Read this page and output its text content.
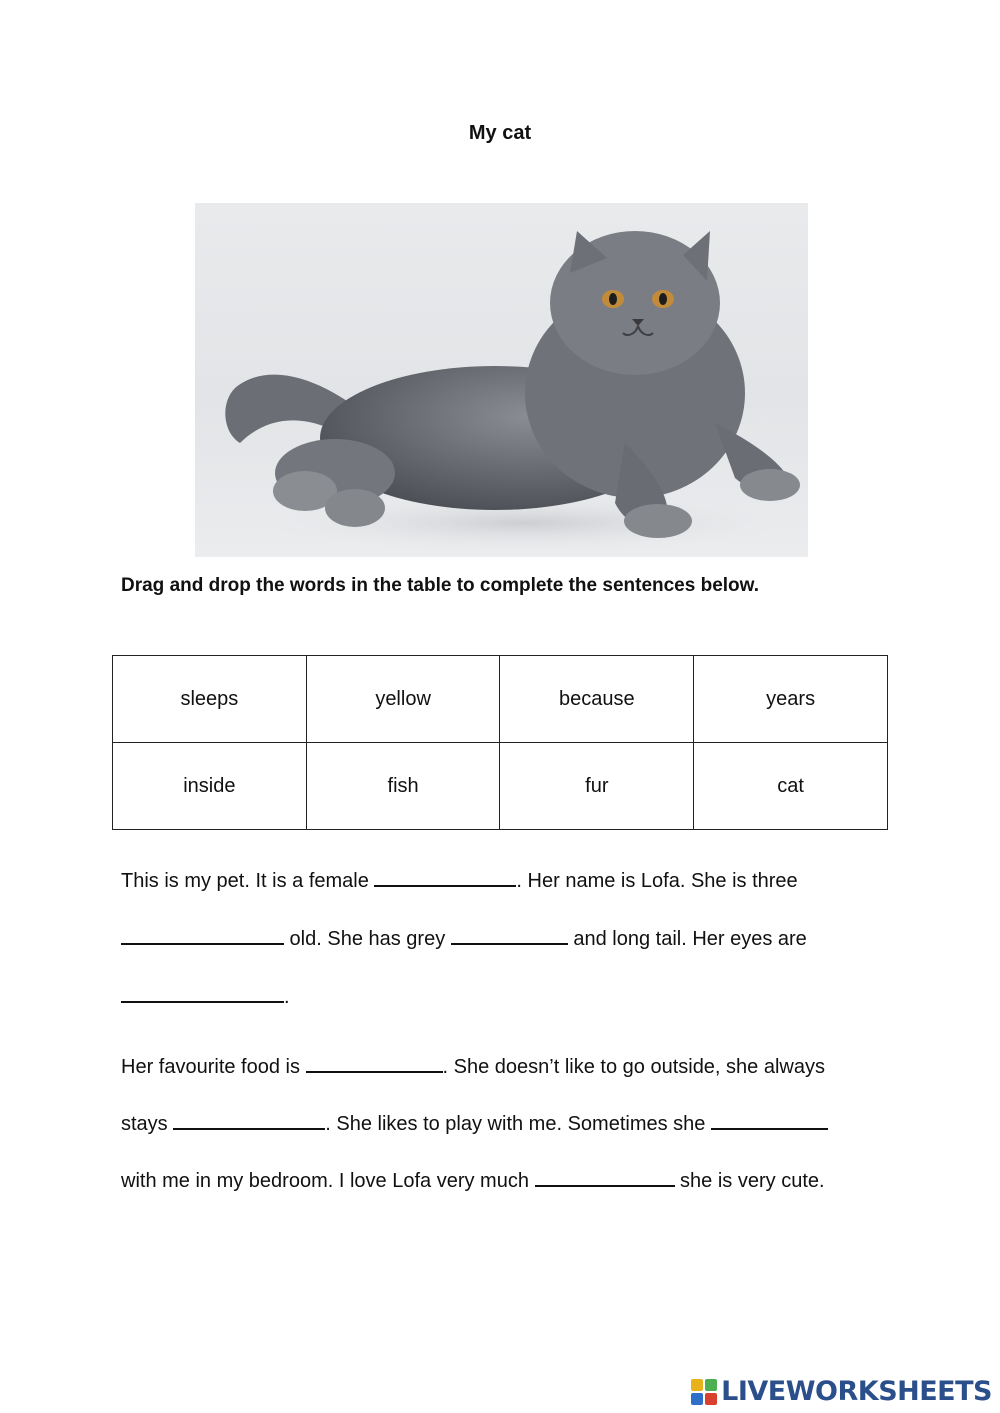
My cat
Drag and drop the words in the table to complete the sentences below.
sleeps	yellow	because	years
inside	fish	fur	cat
This is my pet. It is a female	. Her name is Lofa. She is three
old. She has grey	and long tail. Her eyes are
.
Her favourite food is	. She doesn’t like to go outside, she always
stays	. She likes to play with me. Sometimes she
with me in my bedroom. I love Lofa very much	she is very cute.
LIVEWORKSHEETS
